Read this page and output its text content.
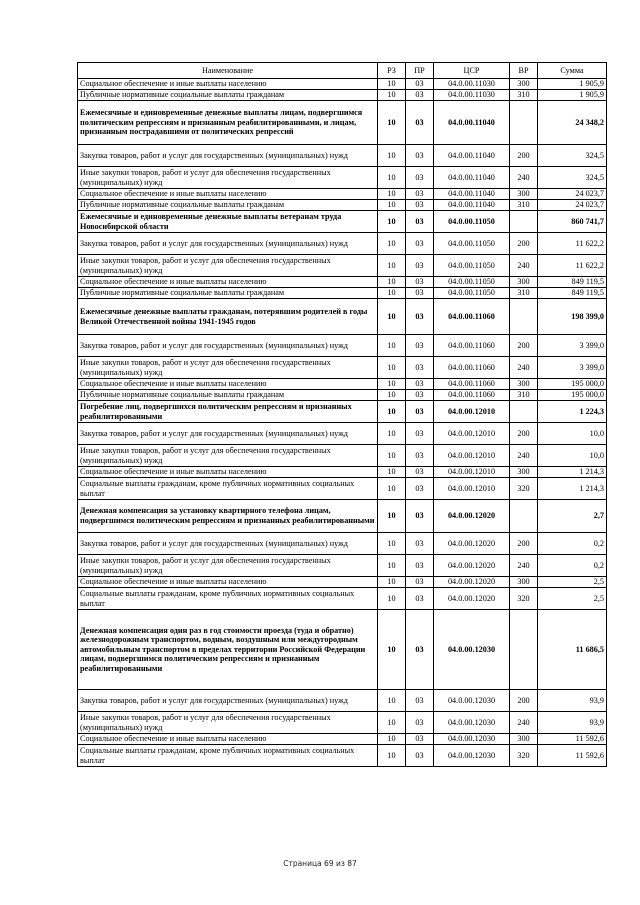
Наименование	РЗ	ПР	ЦСР	ВР	Сумма
Социальное обеспечение и иные выплаты населению	10	03	04.0.00.11030	300	1 905,9
Публичные нормативные социальные выплаты гражданам	10	03	04.0.00.11030	310	1 905,9
Ежемесячные и единовременные денежные выплаты лицам, подвергшимся политическим репрессиям и признанным реабилитированными, и лицам, признанным пострадавшими от политических репрессий	10	03	04.0.00.11040		24 348,2
Закупка товаров, работ и услуг для государственных (муниципальных) нужд	10	03	04.0.00.11040	200	324,5
Иные закупки товаров, работ и услуг для обеспечения государственных (муниципальных) нужд	10	03	04.0.00.11040	240	324,5
Социальное обеспечение и иные выплаты населению	10	03	04.0.00.11040	300	24 023,7
Публичные нормативные социальные выплаты гражданам	10	03	04.0.00.11040	310	24 023,7
Ежемесячные и единовременные денежные выплаты ветеранам труда Новосибирской области	10	03	04.0.00.11050		860 741,7
Закупка товаров, работ и услуг для государственных (муниципальных) нужд	10	03	04.0.00.11050	200	11 622,2
Иные закупки товаров, работ и услуг для обеспечения государственных (муниципальных) нужд	10	03	04.0.00.11050	240	11 622,2
Социальное обеспечение и иные выплаты населению	10	03	04.0.00.11050	300	849 119,5
Публичные нормативные социальные выплаты гражданам	10	03	04.0.00.11050	310	849 119,5
Ежемесячные денежные выплаты гражданам, потерявшим родителей в годы Великой Отечественной войны 1941-1945 годов	10	03	04.0.00.11060		198 399,0
Закупка товаров, работ и услуг для государственных (муниципальных) нужд	10	03	04.0.00.11060	200	3 399,0
Иные закупки товаров, работ и услуг для обеспечения государственных (муниципальных) нужд	10	03	04.0.00.11060	240	3 399,0
Социальное обеспечение и иные выплаты населению	10	03	04.0.00.11060	300	195 000,0
Публичные нормативные социальные выплаты гражданам	10	03	04.0.00.11060	310	195 000,0
Погребение лиц, подвергшихся политическим репрессиям и признанных реабилитированными	10	03	04.0.00.12010		1 224,3
Закупка товаров, работ и услуг для государственных (муниципальных) нужд	10	03	04.0.00.12010	200	10,0
Иные закупки товаров, работ и услуг для обеспечения государственных (муниципальных) нужд	10	03	04.0.00.12010	240	10,0
Социальное обеспечение и иные выплаты населению	10	03	04.0.00.12010	300	1 214,3
Социальные выплаты гражданам, кроме публичных нормативных социальных выплат	10	03	04.0.00.12010	320	1 214,3
Денежная компенсация за установку квартирного телефона лицам, подвергшимся политическим репрессиям и признанных реабилитированными	10	03	04.0.00.12020		2,7
Закупка товаров, работ и услуг для государственных (муниципальных) нужд	10	03	04.0.00.12020	200	0,2
Иные закупки товаров, работ и услуг для обеспечения государственных (муниципальных) нужд	10	03	04.0.00.12020	240	0,2
Социальное обеспечение и иные выплаты населению	10	03	04.0.00.12020	300	2,5
Социальные выплаты гражданам, кроме публичных нормативных социальных выплат	10	03	04.0.00.12020	320	2,5
Денежная компенсация один раз в год стоимости проезда (туда и обратно) железнодорожным транспортом, водным, воздушным или междугородным автомобильным транспортом в пределах территории Российской Федерации лицам, подвергшимся политическим репрессиям и признанным реабилитированными	10	03	04.0.00.12030		11 686,5
Закупка товаров, работ и услуг для государственных (муниципальных) нужд	10	03	04.0.00.12030	200	93,9
Иные закупки товаров, работ и услуг для обеспечения государственных (муниципальных) нужд	10	03	04.0.00.12030	240	93,9
Социальное обеспечение и иные выплаты населению	10	03	04.0.00.12030	300	11 592,6
Социальные выплаты гражданам, кроме публичных нормативных социальных выплат	10	03	04.0.00.12030	320	11 592,6
Страница 69 из 87
